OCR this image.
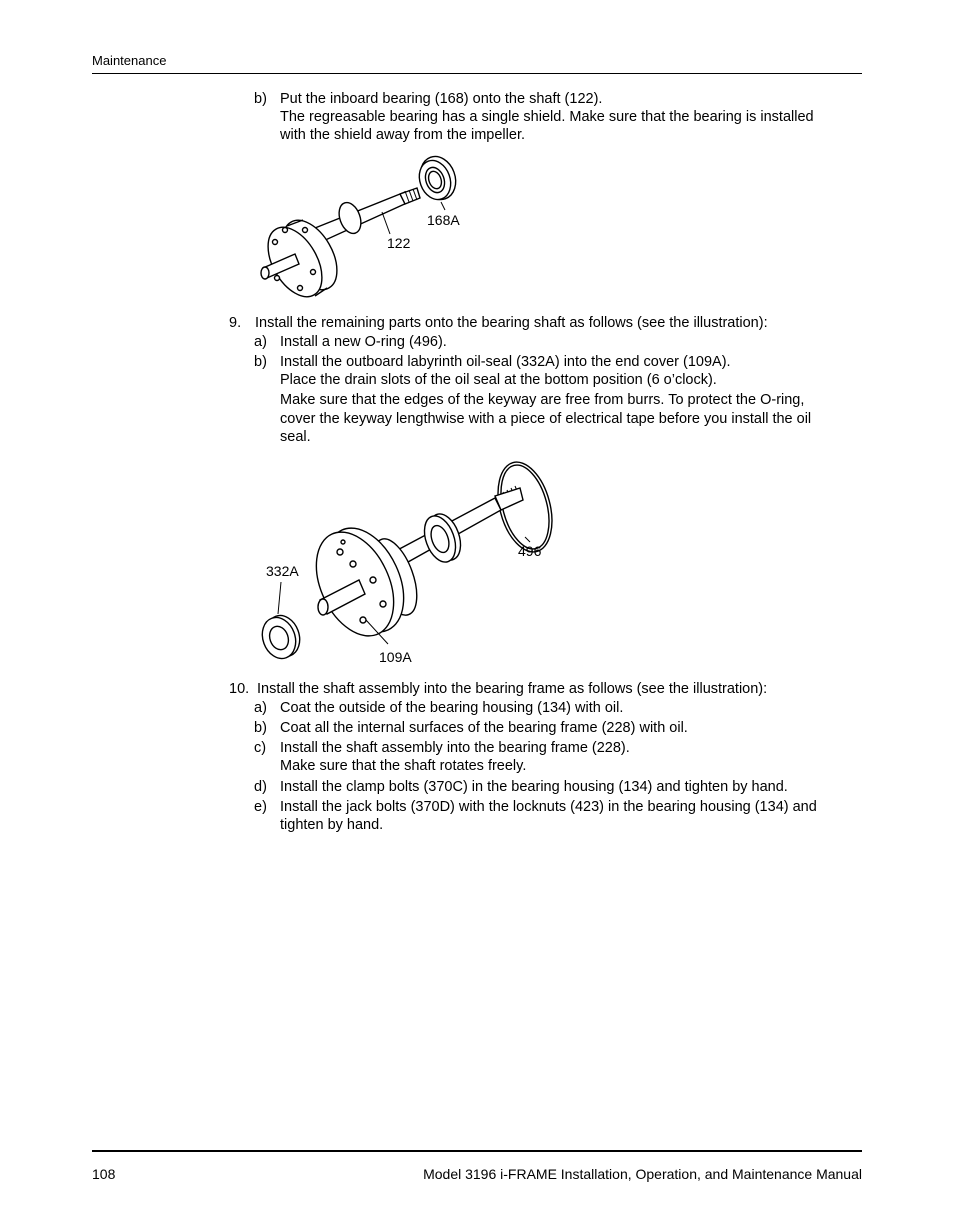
Maintenance
b) Put the inboard bearing (168) onto the shaft (122).
The regreasable bearing has a single shield. Make sure that the bearing is installed
with the shield away from the impeller.
122
168A
9. Install the remaining parts onto the bearing shaft as follows (see the illustration):
a) Install a new O-ring (496).
b) Install the outboard labyrinth oil-seal (332A) into the end cover (109A).
Place the drain slots of the oil seal at the bottom position (6 o’clock).
Make sure that the edges of the keyway are free from burrs. To protect the O-ring,
cover the keyway lengthwise with a piece of electrical tape before you install the oil
seal.
496
332A
109A
10. Install the shaft assembly into the bearing frame as follows (see the illustration):
a) Coat the outside of the bearing housing (134) with oil.
b) Coat all the internal surfaces of the bearing frame (228) with oil.
c) Install the shaft assembly into the bearing frame (228).
Make sure that the shaft rotates freely.
d) Install the clamp bolts (370C) in the bearing housing (134) and tighten by hand.
e) Install the jack bolts (370D) with the locknuts (423) in the bearing housing (134) and
tighten by hand.
108	Model 3196 i-FRAME Installation, Operation, and Maintenance Manual
